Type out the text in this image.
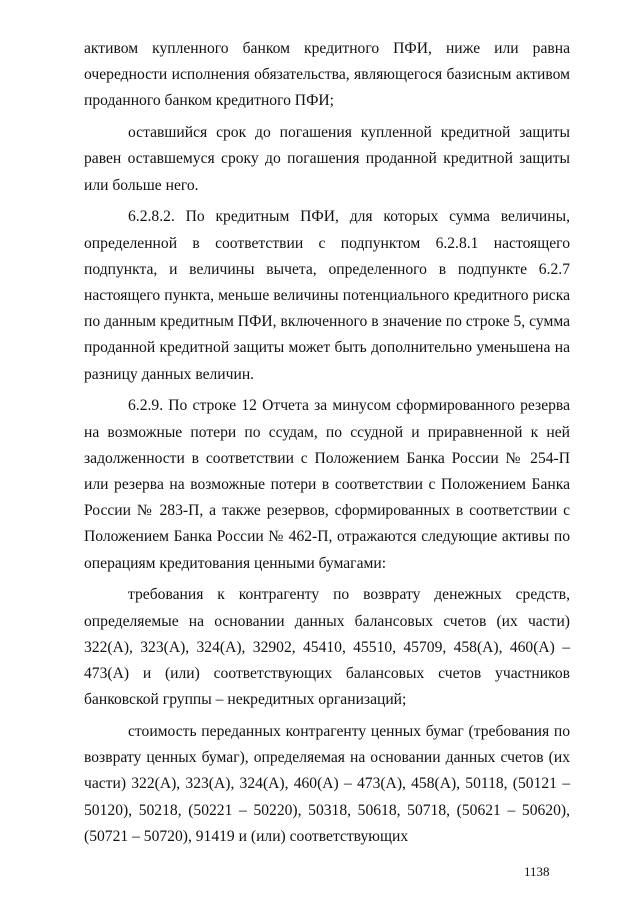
активом купленного банком кредитного ПФИ, ниже или равна очередности исполнения обязательства, являющегося базисным активом проданного банком кредитного ПФИ;

оставшийся срок до погашения купленной кредитной защиты равен оставшемуся сроку до погашения проданной кредитной защиты или больше него.

6.2.8.2. По кредитным ПФИ, для которых сумма величины, определенной в соответствии с подпунктом 6.2.8.1 настоящего подпункта, и величины вычета, определенного в подпункте 6.2.7 настоящего пункта, меньше величины потенциального кредитного риска по данным кредитным ПФИ, включенного в значение по строке 5, сумма проданной кредитной защиты может быть дополнительно уменьшена на разницу данных величин.

6.2.9. По строке 12 Отчета за минусом сформированного резерва на возможные потери по ссудам, по ссудной и приравненной к ней задолженности в соответствии с Положением Банка России № 254-П или резерва на возможные потери в соответствии с Положением Банка России № 283-П, а также резервов, сформированных в соответствии с Положением Банка России № 462-П, отражаются следующие активы по операциям кредитования ценными бумагами:

требования к контрагенту по возврату денежных средств, определяемые на основании данных балансовых счетов (их части) 322(А), 323(А), 324(А), 32902, 45410, 45510, 45709, 458(А), 460(А) – 473(А) и (или) соответствующих балансовых счетов участников банковской группы – некредитных организаций;

стоимость переданных контрагенту ценных бумаг (требования по возврату ценных бумаг), определяемая на основании данных счетов (их части) 322(А), 323(А), 324(А), 460(А) – 473(А), 458(А), 50118, (50121 – 50120), 50218, (50221 – 50220), 50318, 50618, 50718, (50621 – 50620), (50721 – 50720), 91419 и (или) соответствующих

1138
